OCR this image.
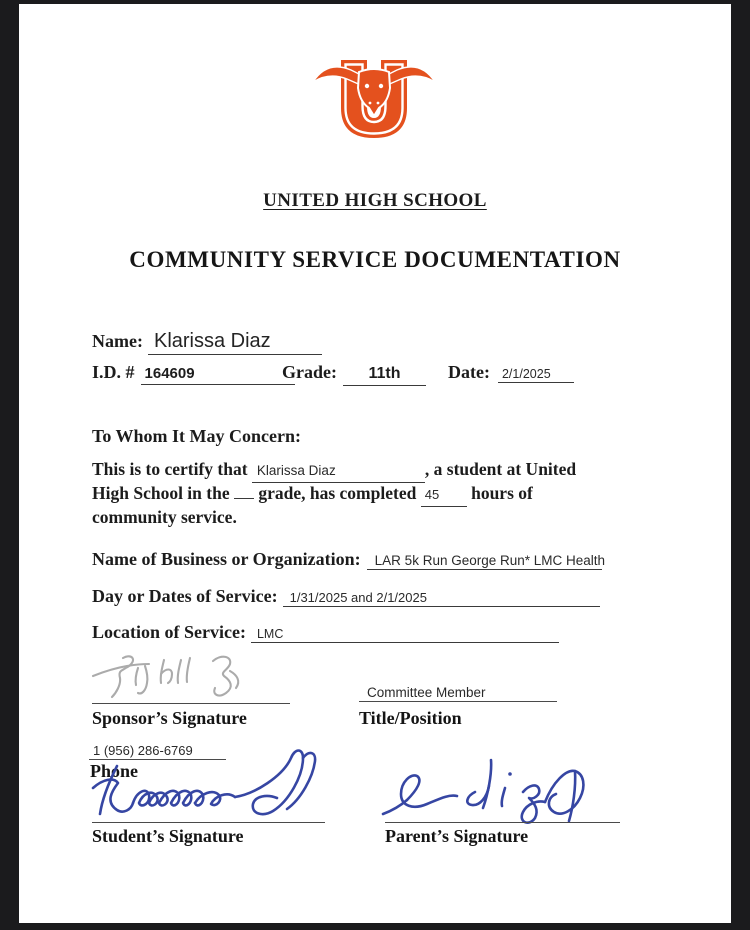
UNITED HIGH SCHOOL
COMMUNITY SERVICE DOCUMENTATION
Name: Klarissa Diaz
I.D. # 164609	Grade:	11th	Date: 2/1/2025
To Whom It May Concern:
This is to certify that Klarissa Diaz	, a student at United
High School in the grade, has completed 45 hours of
community service.
Name of Business or Organization:	LAR 5k Run George Run* LMC Health
Day or Dates of Service: 1/31/2025 and 2/1/2025
Location of Service: LMC
Committee Member
Sponsor’s Signature	Title/Position
1 (956) 286-6769
Phone
Student’s Signature	Parent’s Signature
